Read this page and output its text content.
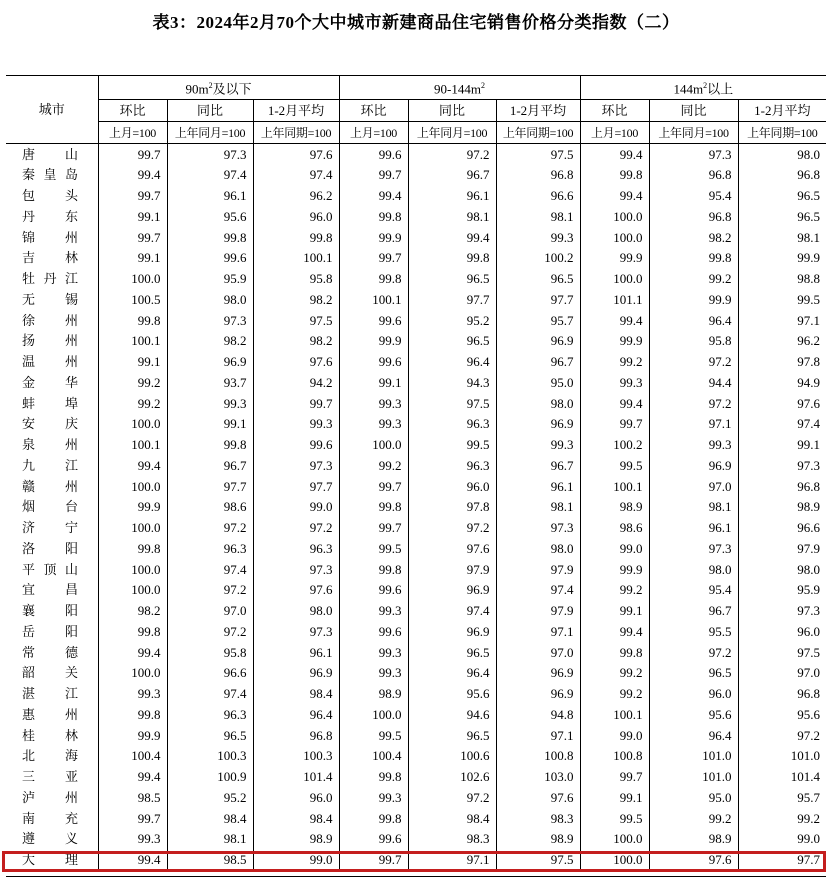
表3：2024年2月70个大中城市新建商品住宅销售价格分类指数（二）
城市	$90m^2$及以下			$90-144m^2$			$144m^2$以上		
	环比	同比	1-2月平均	环比	同比	1-2月平均	环比	同比	1-2月平均
	上月=100	上年同月=100	上年同期=100	上月=100	上年同月=100	上年同期=100	上月=100	上年同月=100	上年同期=100
唐山	99.7	97.3	97.6	99.6	97.2	97.5	99.4	97.3	98.0
秦皇岛	99.4	97.4	97.4	99.7	96.7	96.8	99.8	96.8	96.8
包头	99.7	96.1	96.2	99.4	96.1	96.6	99.4	95.4	96.5
丹东	99.1	95.6	96.0	99.8	98.1	98.1	100.0	96.8	96.5
锦州	99.7	99.8	99.8	99.9	99.4	99.3	100.0	98.2	98.1
吉林	99.1	99.6	100.1	99.7	99.8	100.2	99.9	99.8	99.9
牡丹江	100.0	95.9	95.8	99.8	96.5	96.5	100.0	99.2	98.8
无锡	100.5	98.0	98.2	100.1	97.7	97.7	101.1	99.9	99.5
徐州	99.8	97.3	97.5	99.6	95.2	95.7	99.4	96.4	97.1
扬州	100.1	98.2	98.2	99.9	96.5	96.9	99.9	95.8	96.2
温州	99.1	96.9	97.6	99.6	96.4	96.7	99.2	97.2	97.8
金华	99.2	93.7	94.2	99.1	94.3	95.0	99.3	94.4	94.9
蚌埠	99.2	99.3	99.7	99.3	97.5	98.0	99.4	97.2	97.6
安庆	100.0	99.1	99.3	99.3	96.3	96.9	99.7	97.1	97.4
泉州	100.1	99.8	99.6	100.0	99.5	99.3	100.2	99.3	99.1
九江	99.4	96.7	97.3	99.2	96.3	96.7	99.5	96.9	97.3
赣州	100.0	97.7	97.7	99.7	96.0	96.1	100.1	97.0	96.8
烟台	99.9	98.6	99.0	99.8	97.8	98.1	98.9	98.1	98.9
济宁	100.0	97.2	97.2	99.7	97.2	97.3	98.6	96.1	96.6
洛阳	99.8	96.3	96.3	99.5	97.6	98.0	99.0	97.3	97.9
平顶山	100.0	97.4	97.3	99.8	97.9	97.9	99.9	98.0	98.0
宜昌	100.0	97.2	97.6	99.6	96.9	97.4	99.2	95.4	95.9
襄阳	98.2	97.0	98.0	99.3	97.4	97.9	99.1	96.7	97.3
岳阳	99.8	97.2	97.3	99.6	96.9	97.1	99.4	95.5	96.0
常德	99.4	95.8	96.1	99.3	96.5	97.0	99.8	97.2	97.5
韶关	100.0	96.6	96.9	99.3	96.4	96.9	99.2	96.5	97.0
湛江	99.3	97.4	98.4	98.9	95.6	96.9	99.2	96.0	96.8
惠州	99.8	96.3	96.4	100.0	94.6	94.8	100.1	95.6	95.6
桂林	99.9	96.5	96.8	99.5	96.5	97.1	99.0	96.4	97.2
北海	100.4	100.3	100.3	100.4	100.6	100.8	100.8	101.0	101.0
三亚	99.4	100.9	101.4	99.8	102.6	103.0	99.7	101.0	101.4
泸州	98.5	95.2	96.0	99.3	97.2	97.6	99.1	95.0	95.7
南充	99.7	98.4	98.4	99.8	98.4	98.3	99.5	99.2	99.2
遵义	99.3	98.1	98.9	99.6	98.3	98.9	100.0	98.9	99.0
大理	99.4	98.5	99.0	99.7	97.1	97.5	100.0	97.6	97.7
